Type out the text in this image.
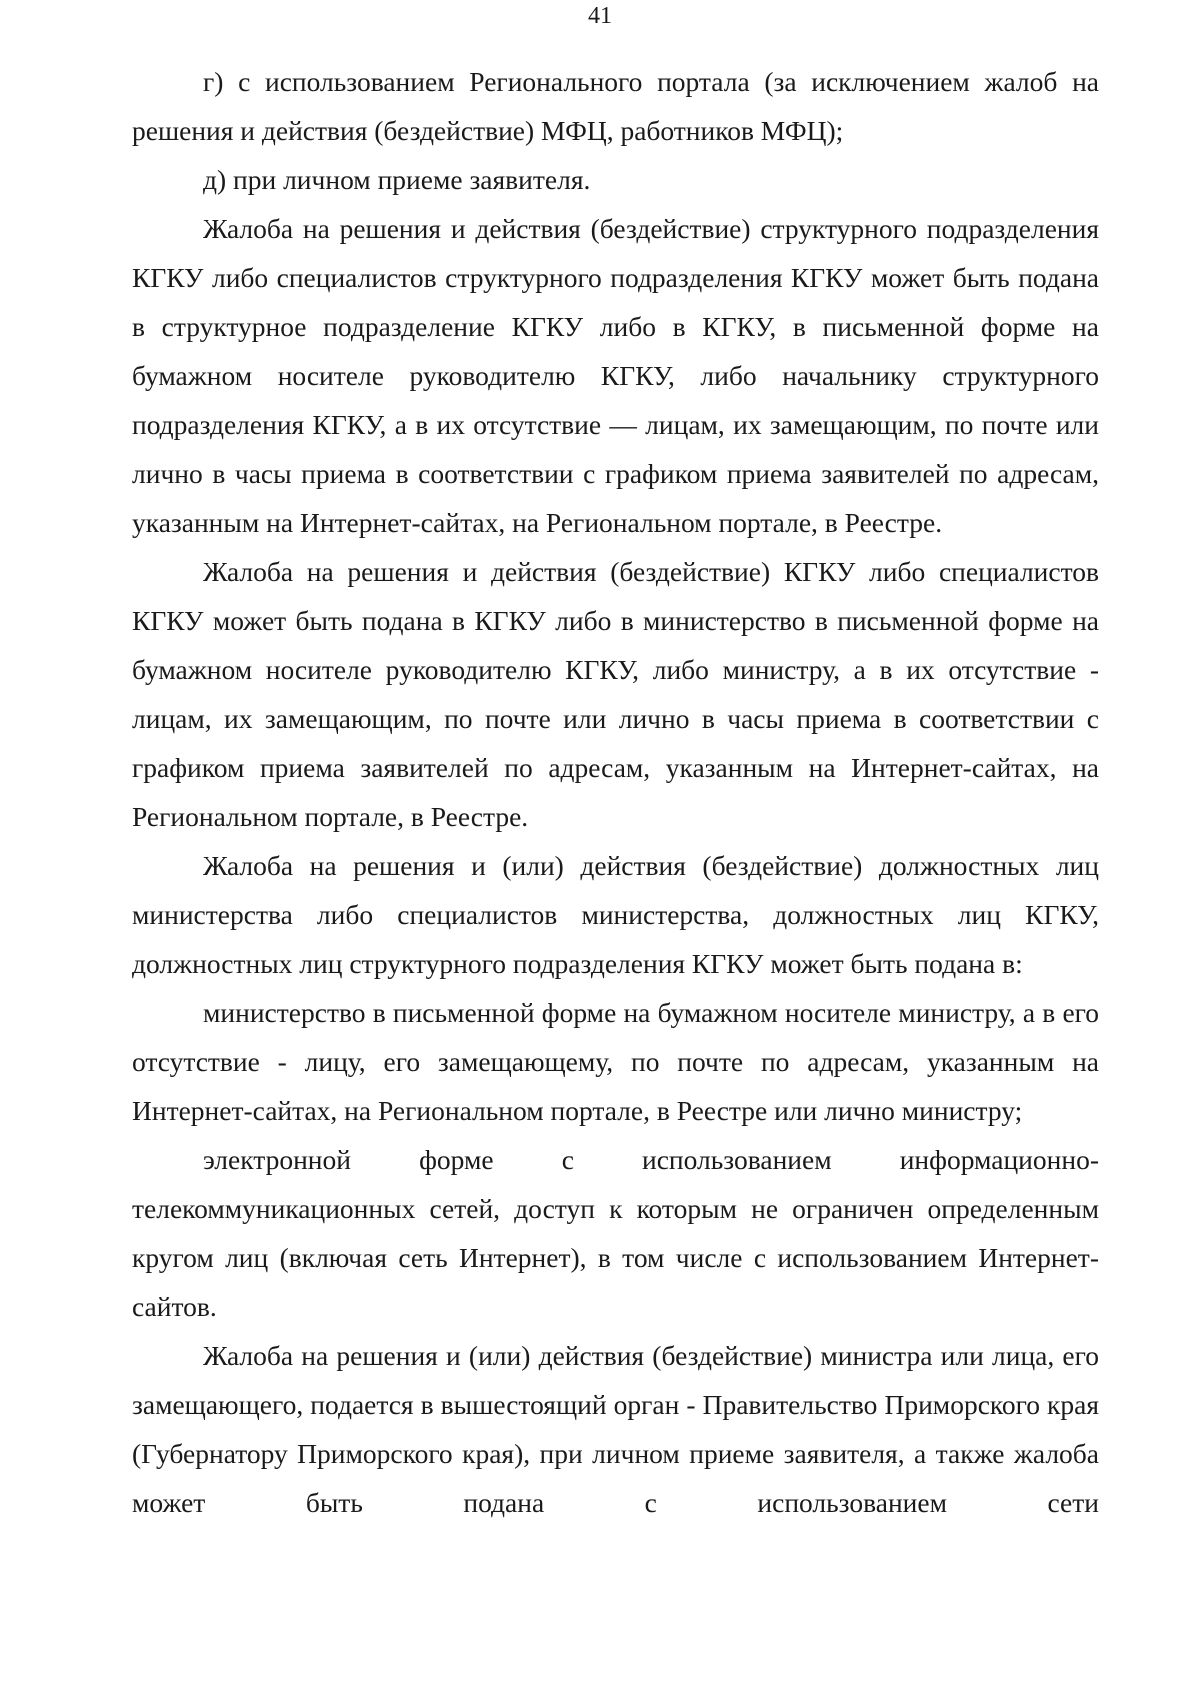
41

г) с использованием Регионального портала (за исключением жалоб на решения и действия (бездействие) МФЦ, работников МФЦ);

д) при личном приеме заявителя.

Жалоба на решения и действия (бездействие) структурного подразделения КГКУ либо специалистов структурного подразделения КГКУ может быть подана в структурное подразделение КГКУ либо в КГКУ, в письменной форме на бумажном носителе руководителю КГКУ, либо начальнику структурного подразделения КГКУ, а в их отсутствие — лицам, их замещающим, по почте или лично в часы приема в соответствии с графиком приема заявителей по адресам, указанным на Интернет-сайтах, на Региональном портале, в Реестре.

Жалоба на решения и действия (бездействие) КГКУ либо специалистов КГКУ может быть подана в КГКУ либо в министерство в письменной форме на бумажном носителе руководителю КГКУ, либо министру, а в их отсутствие - лицам, их замещающим, по почте или лично в часы приема в соответствии с графиком приема заявителей по адресам, указанным на Интернет-сайтах, на Региональном портале, в Реестре.

Жалоба на решения и (или) действия (бездействие) должностных лиц министерства либо специалистов министерства, должностных лиц КГКУ, должностных лиц структурного подразделения КГКУ может быть подана в:

министерство в письменной форме на бумажном носителе министру, а в его отсутствие - лицу, его замещающему, по почте по адресам, указанным на Интернет-сайтах, на Региональном портале, в Реестре или лично министру;

электронной форме с использованием информационно-телекоммуникационных сетей, доступ к которым не ограничен определенным кругом лиц (включая сеть Интернет), в том числе с использованием Интернет-сайтов.

Жалоба на решения и (или) действия (бездействие) министра или лица, его замещающего, подается в вышестоящий орган - Правительство Приморского края (Губернатору Приморского края), при личном приеме заявителя, а также жалоба может быть подана с использованием сети
